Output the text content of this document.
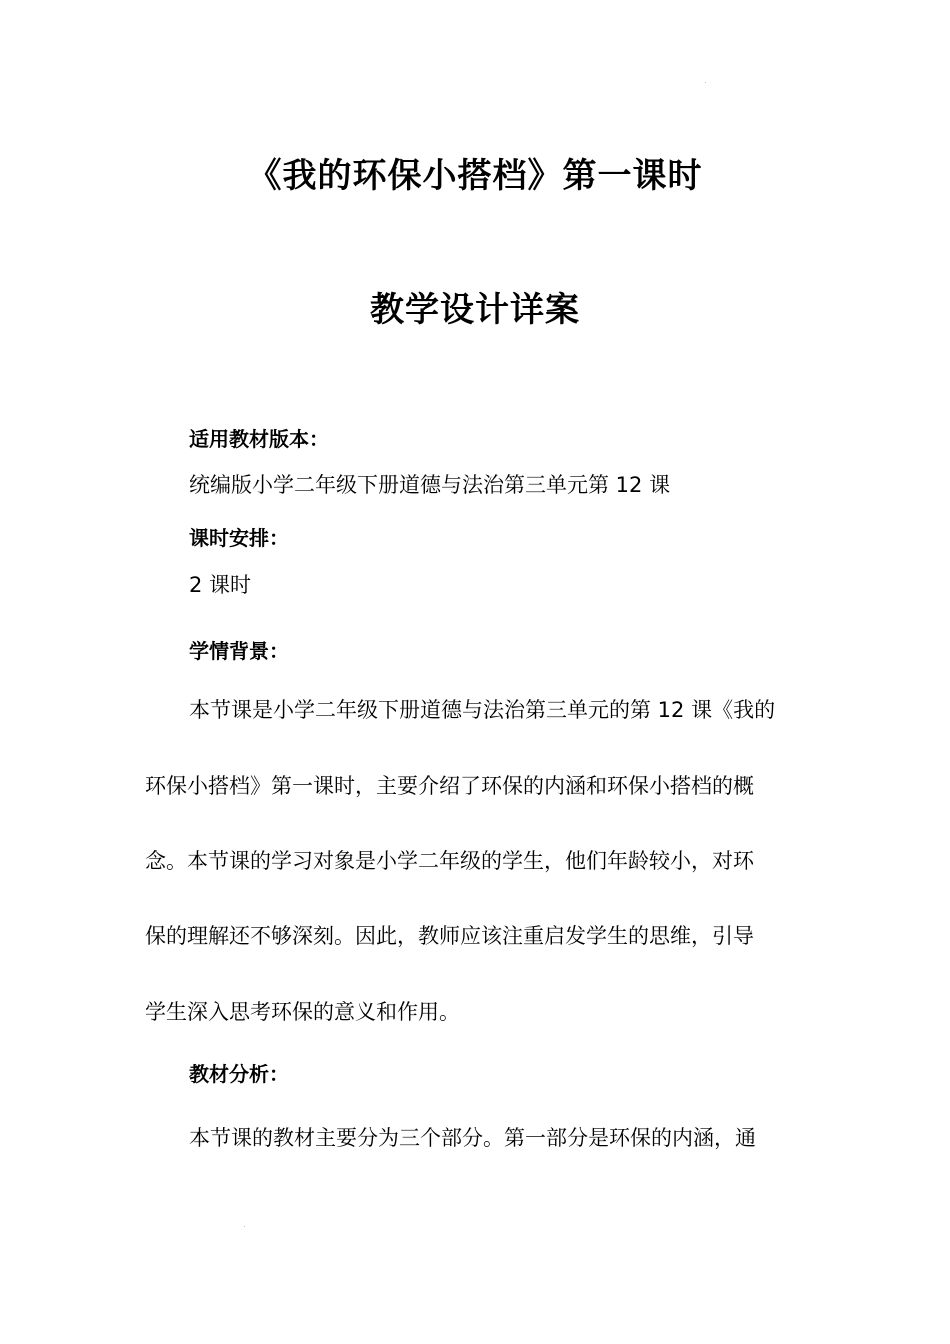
《我的环保小搭档》第一课时
教学设计详案
适用教材版本：
统编版小学二年级下册道德与法治第三单元第 12 课
课时安排：
2 课时
学情背景：
本节课是小学二年级下册道德与法治第三单元的第 12 课《我的
环保小搭档》第一课时，主要介绍了环保的内涵和环保小搭档的概
念。本节课的学习对象是小学二年级的学生，他们年龄较小，对环
保的理解还不够深刻。因此，教师应该注重启发学生的思维，引导
学生深入思考环保的意义和作用。
教材分析：
本节课的教材主要分为三个部分。第一部分是环保的内涵，通
